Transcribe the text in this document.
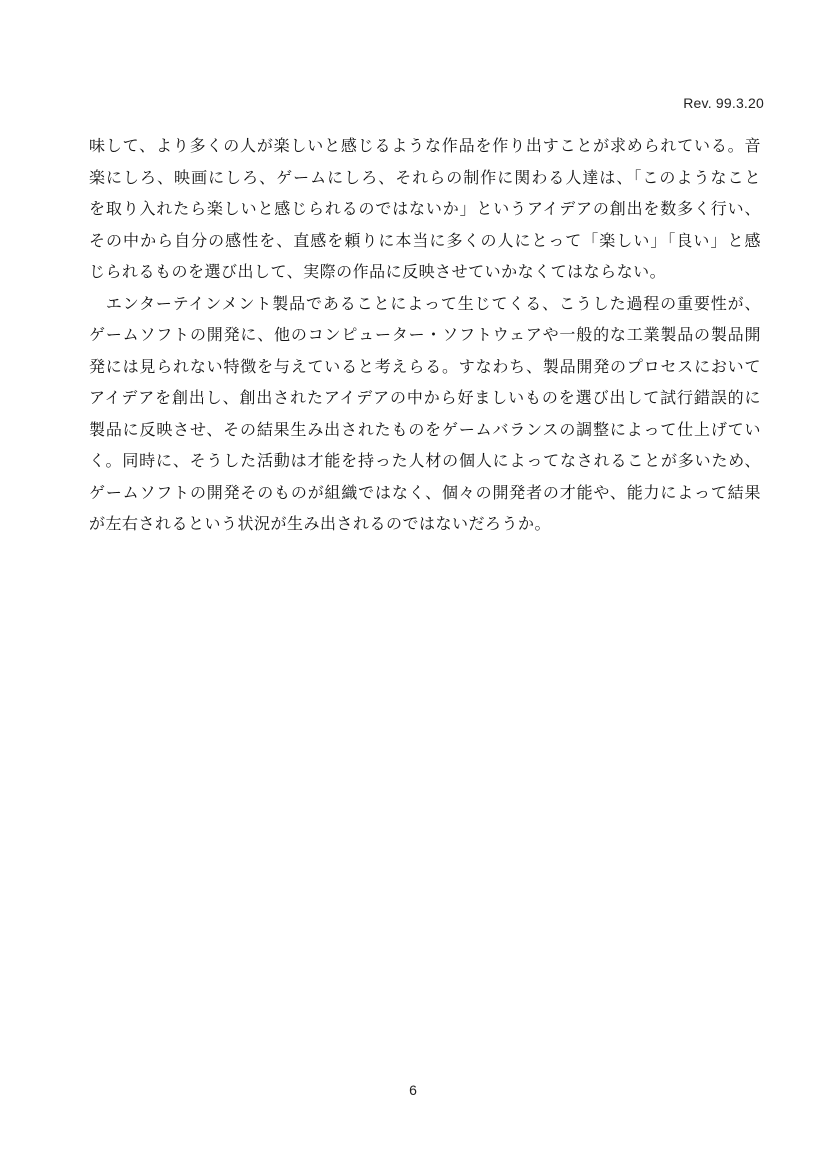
Rev. 99.3.20
味して、より多くの人が楽しいと感じるような作品を作り出すことが求められている。音
楽にしろ、映画にしろ、ゲームにしろ、それらの制作に関わる人達は、「このようなこと
を取り入れたら楽しいと感じられるのではないか」というアイデアの創出を数多く行い、
その中から自分の感性を、直感を頼りに本当に多くの人にとって「楽しい」「良い」と感
じられるものを選び出して、実際の作品に反映させていかなくてはならない。
　エンターテインメント製品であることによって生じてくる、こうした過程の重要性が、
ゲームソフトの開発に、他のコンピューター・ソフトウェアや一般的な工業製品の製品開
発には見られない特徴を与えていると考えらる。すなわち、製品開発のプロセスにおいて
アイデアを創出し、創出されたアイデアの中から好ましいものを選び出して試行錯誤的に
製品に反映させ、その結果生み出されたものをゲームバランスの調整によって仕上げてい
く。同時に、そうした活動は才能を持った人材の個人によってなされることが多いため、
ゲームソフトの開発そのものが組織ではなく、個々の開発者の才能や、能力によって結果
が左右されるという状況が生み出されるのではないだろうか。
6
